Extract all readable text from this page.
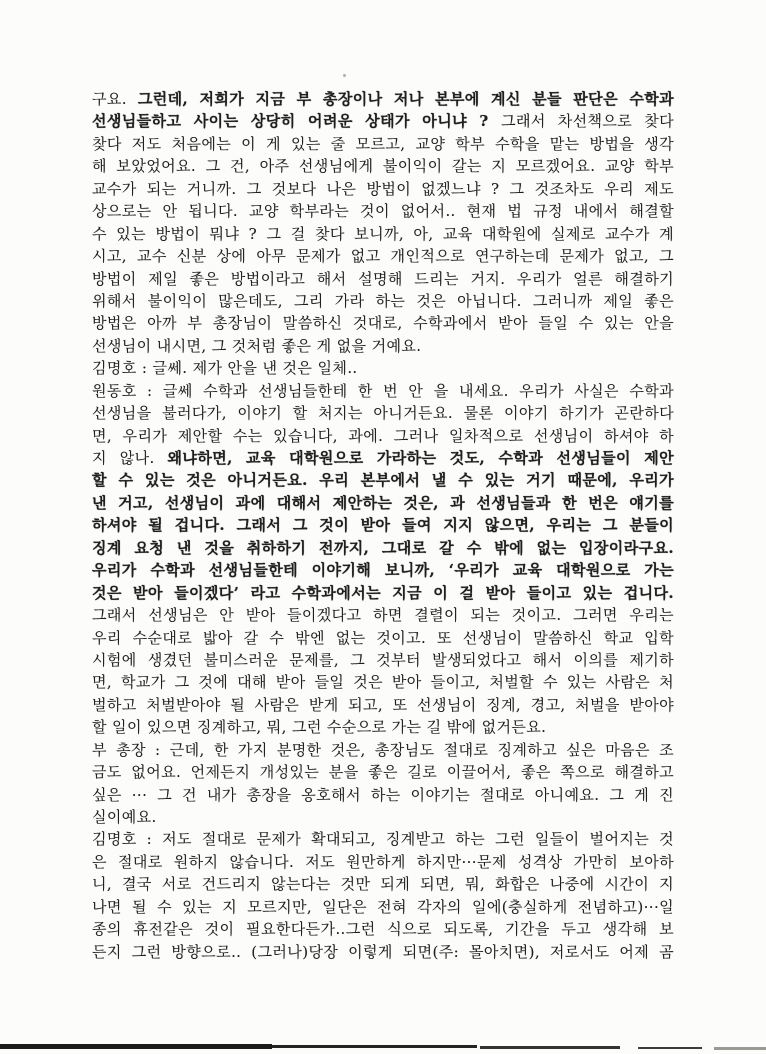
구요. 그런데, 저희가 지금 부 총장이나 저나 본부에 계신 분들 판단은 수학과
선생님들하고 사이는 상당히 어려운 상태가 아니냐 ? 그래서 차선책으로 찾다
찾다 저도 처음에는 이 게 있는 줄 모르고, 교양 학부 수학을 맡는 방법을 생각
해 보았었어요. 그 건, 아주 선생님에게 불이익이 갈는 지 모르겠어요. 교양 학부
교수가 되는 거니까. 그 것보다 나은 방법이 없겠느냐 ? 그 것조차도 우리 제도
상으로는 안 됩니다. 교양 학부라는 것이 없어서‥ 현재 법 규정 내에서 해결할
수 있는 방법이 뭐냐 ? 그 걸 찾다 보니까, 아, 교육 대학원에 실제로 교수가 계
시고, 교수 신분 상에 아무 문제가 없고 개인적으로 연구하는데 문제가 없고, 그
방법이 제일 좋은 방법이라고 해서 설명해 드리는 거지. 우리가 얼른 해결하기
위해서 불이익이 많은데도, 그리 가라 하는 것은 아닙니다. 그러니까 제일 좋은
방법은 아까 부 총장님이 말씀하신 것대로, 수학과에서 받아 들일 수 있는 안을
선생님이 내시면, 그 것처럼 좋은 게 없을 거예요.
김명호 : 글쎄. 제가 안을 낸 것은 일체‥
원동호 : 글쎄 수학과 선생님들한테 한 번 안 을 내세요. 우리가 사실은 수학과
선생님을 불러다가, 이야기 할 처지는 아니거든요. 물론 이야기 하기가 곤란하다
면, 우리가 제안할 수는 있습니다, 과에. 그러나 일차적으로 선생님이 하셔야 하
지 않나. 왜냐하면, 교육 대학원으로 가라하는 것도, 수학과 선생님들이 제안
할 수 있는 것은 아니거든요. 우리 본부에서 낼 수 있는 거기 때문에, 우리가
낸 거고, 선생님이 과에 대해서 제안하는 것은, 과 선생님들과 한 번은 얘기를
하셔야 될 겁니다. 그래서 그 것이 받아 들여 지지 않으면, 우리는 그 분들이
징계 요청 낸 것을 취하하기 전까지, 그대로 갈 수 밖에 없는 입장이라구요.
우리가 수학과 선생님들한테 이야기해 보니까, ‘우리가 교육 대학원으로 가는
것은 받아 들이겠다’ 라고 수학과에서는 지금 이 걸 받아 들이고 있는 겁니다.
그래서 선생님은 안 받아 들이겠다고 하면 결렬이 되는 것이고. 그러면 우리는
우리 수순대로 밟아 갈 수 밖엔 없는 것이고. 또 선생님이 말씀하신 학교 입학
시험에 생겼던 불미스러운 문제를, 그 것부터 발생되었다고 해서 이의를 제기하
면, 학교가 그 것에 대해 받아 들일 것은 받아 들이고, 처벌할 수 있는 사람은 처
벌하고 처벌받아야 될 사람은 받게 되고, 또 선생님이 징계, 경고, 처벌을 받아야
할 일이 있으면 징계하고, 뭐, 그런 수순으로 가는 길 밖에 없거든요.
부 총장 : 근데, 한 가지 분명한 것은, 총장님도 절대로 징계하고 싶은 마음은 조
금도 없어요. 언제든지 개성있는 분을 좋은 길로 이끌어서, 좋은 쪽으로 해결하고
싶은 ··· 그 건 내가 총장을 옹호해서 하는 이야기는 절대로 아니예요. 그 게 진
실이예요.
김명호 : 저도 절대로 문제가 확대되고, 징계받고 하는 그런 일들이 벌어지는 것
은 절대로 원하지 않습니다. 저도 원만하게 하지만···문제 성격상 가만히 보아하
니, 결국 서로 건드리지 않는다는 것만 되게 되면, 뭐, 화합은 나중에 시간이 지
나면 될 수 있는 지 모르지만, 일단은 전혀 각자의 일에(충실하게 전념하고)···일
종의 휴전같은 것이 필요한다든가‥그런 식으로 되도록, 기간을 두고 생각해 보
든지 그런 방향으로‥ (그러나)당장 이렇게 되면(주: 몰아치면), 저로서도 어제 곰
